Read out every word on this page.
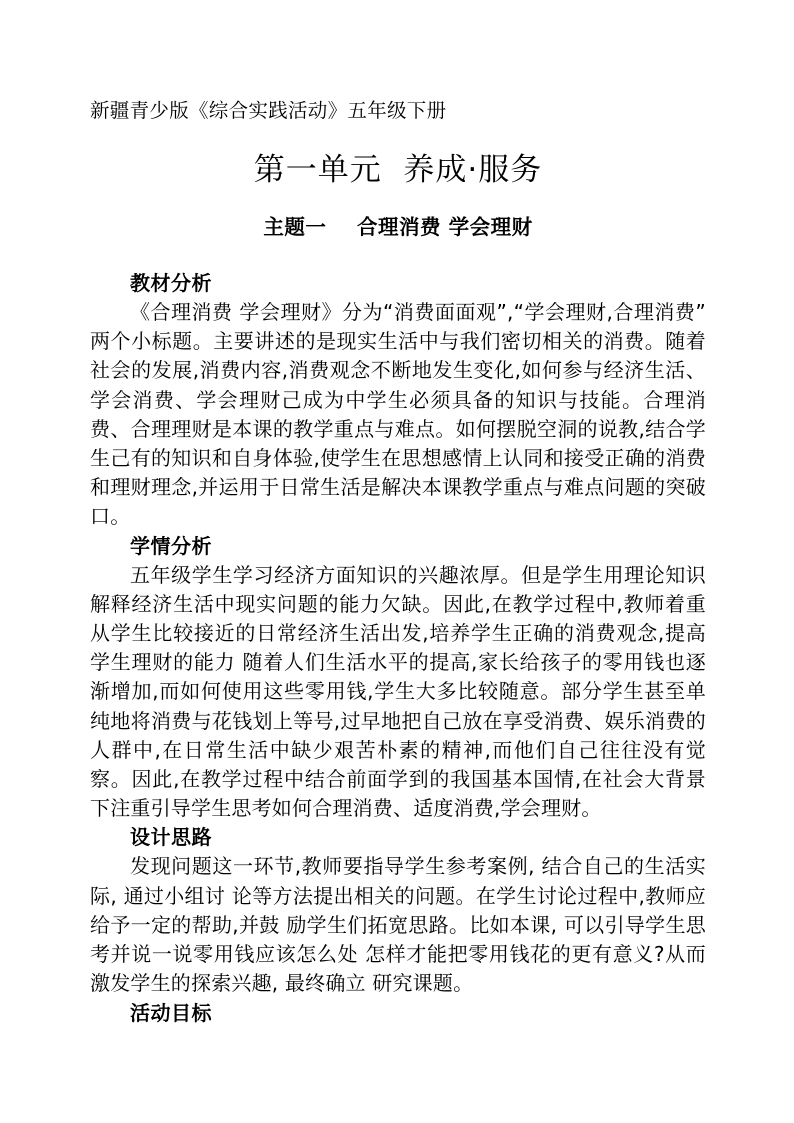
新疆青少版《综合实践活动》五年级下册
第一单元  养成·服务
主题一    合理消费 学会理财
教材分析

《合理消费 学会理财》分为“消费面面观”,“学会理财,合理消费”两个小标题。主要讲述的是现实生活中与我们密切相关的消费。随着社会的发展,消费内容,消费观念不断地发生变化,如何参与经济生活、学会消费、学会理财己成为中学生必须具备的知识与技能。合理消费、合理理财是本课的教学重点与难点。如何摆脱空洞的说教,结合学生己有的知识和自身体验,使学生在思想感情上认同和接受正确的消费和理财理念,并运用于日常生活是解决本课教学重点与难点问题的突破口。

学情分析

五年级学生学习经济方面知识的兴趣浓厚。但是学生用理论知识解释经济生活中现实问题的能力欠缺。因此,在教学过程中,教师着重从学生比较接近的日常经济生活出发,培养学生正确的消费观念,提高学生理财的能力 随着人们生活水平的提高,家长给孩子的零用钱也逐渐增加,而如何使用这些零用钱,学生大多比较随意。部分学生甚至单纯地将消费与花钱划上等号,过早地把自己放在享受消费、娱乐消费的人群中,在日常生活中缺少艰苦朴素的精神,而他们自己往往没有觉察。因此,在教学过程中结合前面学到的我国基本国情,在社会大背景下注重引导学生思考如何合理消费、适度消费,学会理财。

设计思路

发现问题这一环节,教师要指导学生参考案例, 结合自己的生活实际, 通过小组讨 论等方法提出相关的问题。在学生讨论过程中,教师应给予一定的帮助,并鼓 励学生们拓宽思路。比如本课, 可以引导学生思考并说一说零用钱应该怎么处 怎样才能把零用钱花的更有意义?从而激发学生的探索兴趣, 最终确立 研究课题。

活动目标
